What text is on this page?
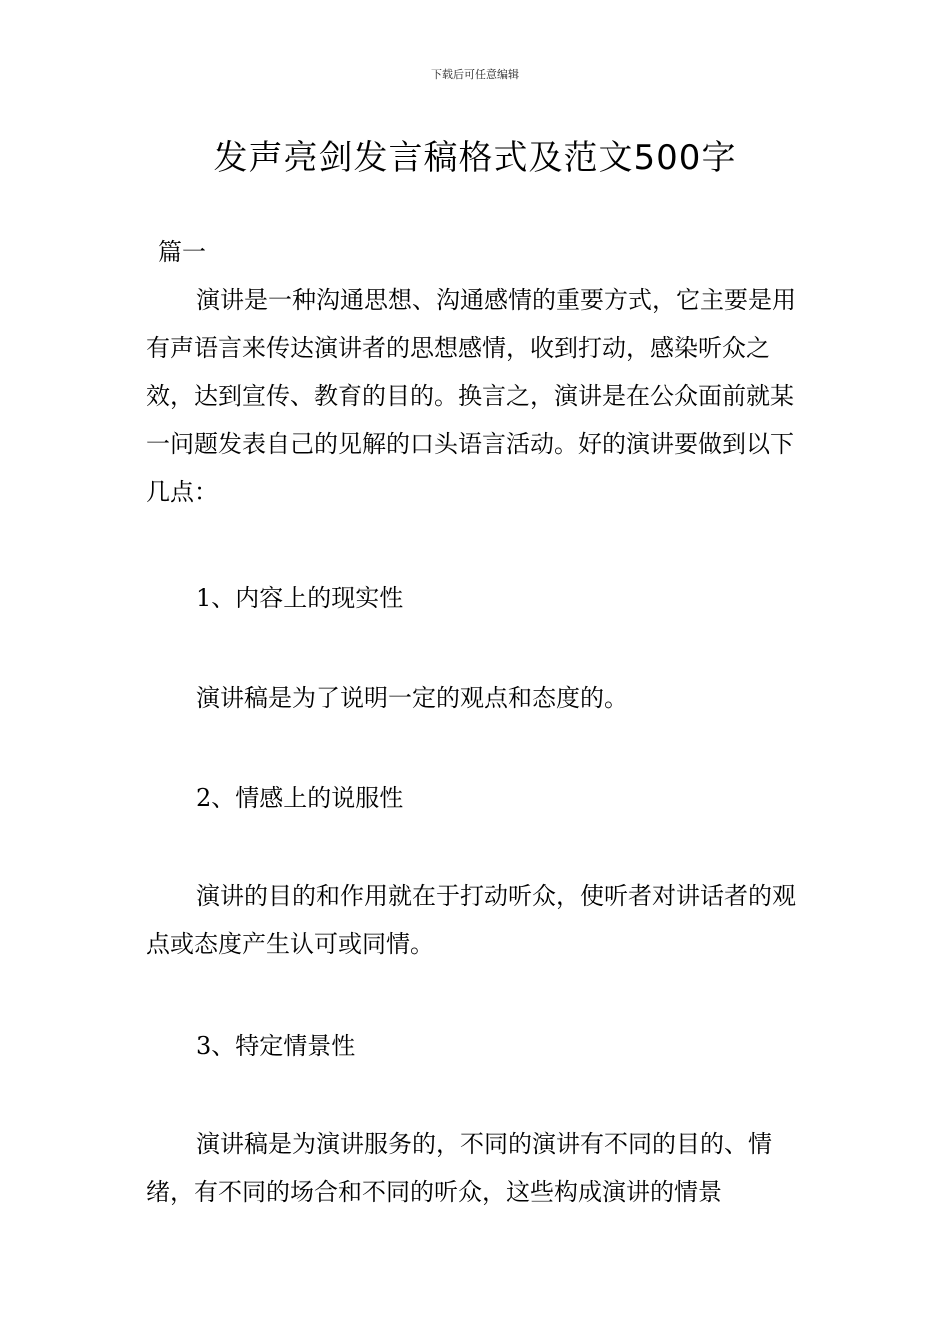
下载后可任意编辑
发声亮剑发言稿格式及范文500字
篇一

演讲是一种沟通思想、沟通感情的重要方式，它主要是用有声语言来传达演讲者的思想感情，收到打动，感染听众之效，达到宣传、教育的目的。换言之，演讲是在公众面前就某一问题发表自己的见解的口头语言活动。好的演讲要做到以下几点：

1、内容上的现实性

演讲稿是为了说明一定的观点和态度的。

2、情感上的说服性

演讲的目的和作用就在于打动听众，使听者对讲话者的观点或态度产生认可或同情。

3、特定情景性

演讲稿是为演讲服务的，不同的演讲有不同的目的、情绪，有不同的场合和不同的听众，这些构成演讲的情景
